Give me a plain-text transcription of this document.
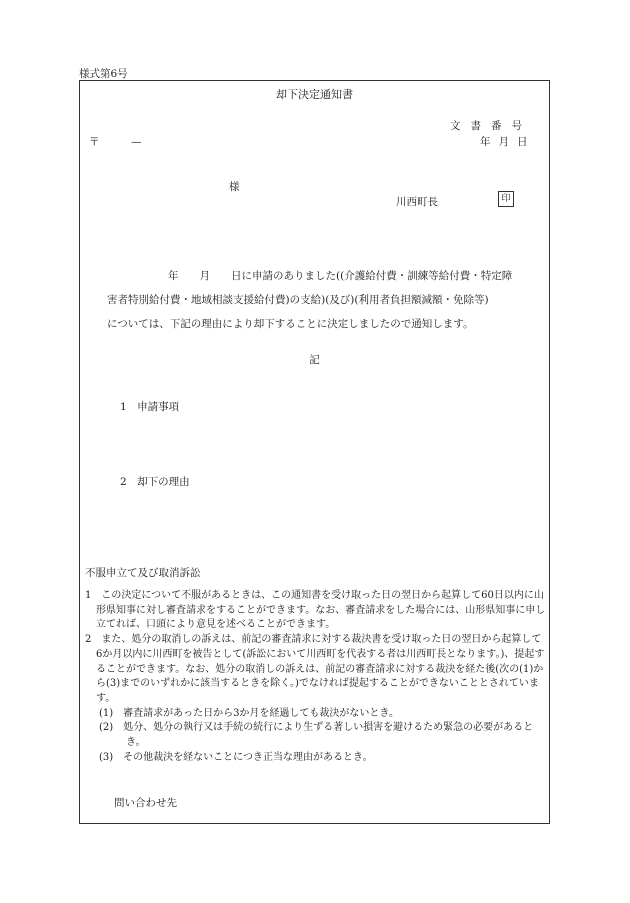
様式第6号
却下決定通知書
文書番号
〒　　　—	年月日
様
川西町長	印
年　　月　　日に申請のありました((介護給付費・訓練等給付費・特定障
害者特別給付費・地域相談支援給付費)の支給)(及び)(利用者負担額減額・免除等)
については、下記の理由により却下することに決定しましたので通知します。
記
1　申請事項
2　却下の理由
不服申立て及び取消訴訟

1　この決定について不服があるときは、この通知書を受け取った日の翌日から起算して60日以内に山形県知事に対し審査請求をすることができます。なお、審査請求をした場合には、山形県知事に申し立てれば、口頭により意見を述べることができます。

2　また、処分の取消しの訴えは、前記の審査請求に対する裁決書を受け取った日の翌日から起算して6か月以内に川西町を被告として(訴訟において川西町を代表する者は川西町長となります。)、提起することができます。なお、処分の取消しの訴えは、前記の審査請求に対する裁決を経た後(次の(1)から(3)までのいずれかに該当するときを除く。)でなければ提起することができないこととされています。

(1)　審査請求があった日から3か月を経過しても裁決がないとき。

(2)　処分、処分の執行又は手続の続行により生ずる著しい損害を避けるため緊急の必要があるとき。

(3)　その他裁決を経ないことにつき正当な理由があるとき。

問い合わせ先
